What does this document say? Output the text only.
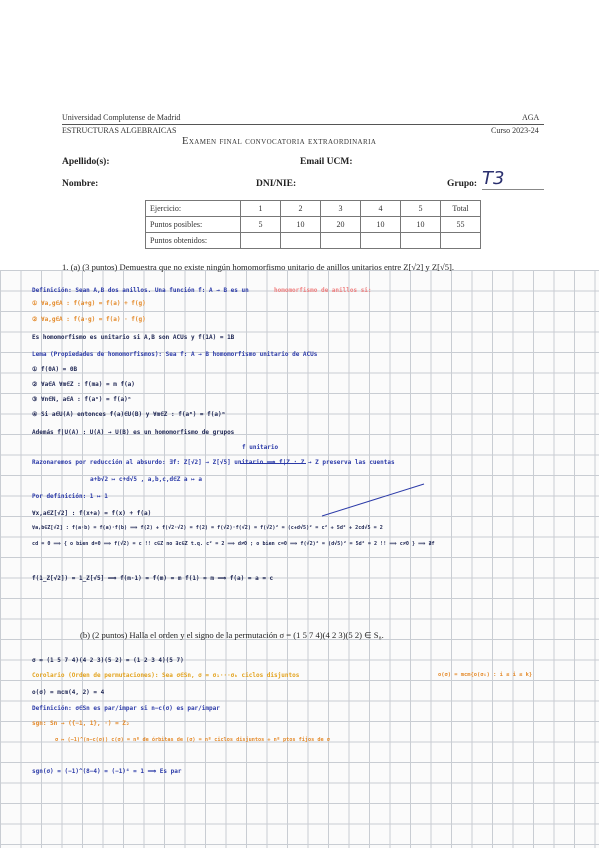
Universidad Complutense de Madrid	AGA
ESTRUCTURAS ALGEBRAICAS	Curso 2023-24
Examen final convocatoria extraordinaria
Apellido(s):	Email UCM:
Nombre:	DNI/NIE:	Grupo: T3
Ejercicio:	1	2	3	4	5	Total
Puntos posibles:	5	10	20	10	10	55
Puntos obtenidos:						
1. (a) (3 puntos) Demuestra que no existe ningún homomorfismo unitario de anillos unitarios entre Z[√2] y Z[√5].
Definición: Sean A,B dos anillos. Una función f: A → B es un	homomorfismo de anillos si:
① ∀a,g∈A : f(a+g) = f(a) + f(g)
② ∀a,g∈A : f(a·g) = f(a) · f(g)
Es homomorfismo es unitario si A,B son ACUs y f(1A) = 1B
Lema (Propiedades de homomorfismos): Sea f: A → B homomorfismo unitario de ACUs
① f(0A) = 0B
② ∀a∈A ∀m∈Z : f(ma) = m f(a)
③ ∀n∈N, a∈A : f(aⁿ) = f(a)ⁿ
④ Si a∈U(A) entonces f(a)∈U(B) y ∀m∈Z : f(aᵐ) = f(a)ᵐ
Además f|U(A) : U(A) → U(B) es un homomorfismo de grupos
f unitario
Razonaremos por reducción al absurdo: ∃f: Z[√2] → Z[√5] unitario ⟹ f|Z : Z → Z preserva las cuentas
a+b√2 ↦ c+d√5 , a,b,c,d∈Z a ↦ a
Por definición: 1 ↦ 1
∀x,a∈Z[√2] : f(x+a) = f(x) + f(a)
∀a,b∈Z[√2] : f(a·b) = f(a)·f(b) ⟹ f(2) + f(√2·√2) = f(2) = f(√2)·f(√2) = f(√2)² = (c+d√5)² = c² + 5d² + 2cd√5 = 2
cd = 0 ⟹ { o bien d=0 ⟹ f(√2) = c !! c∈Z no ∃c∈Z t.q. c² = 2 ⟹ d≠0 ; o bien c=0 ⟹ f(√2)² = (d√5)² = 5d² = 2 !! ⟹ c≠0 } ⟹ ∄f
f(1_Z[√2]) = 1_Z[√5] ⟹ f(m·1) = f(m) = m f(1) = m ⟹ f(a) = a = c
(b) (2 puntos) Halla el orden y el signo de la permutación σ = (1 5 7 4)(4 2 3)(5 2) ∈ S₈.
σ = (1 5 7 4)(4 2 3)(5 2) = (1 2 3 4)(5 7)
Corolario (Orden de permutaciones): Sea σ∈Sn, σ = σ₁···σₖ ciclos disjuntos	o(σ) = mcm{o(σᵢ) : i ≤ i ≤ k}
o(σ) = mcm(4, 2) = 4
Definición: σ∈Sn es par/impar si n−c(σ) es par/impar
sgn: Sn → ({−1, 1}, ·) = Z₂
σ ↦ (−1)^(n−c(σ)) c(σ) = nº de órbitas de ⟨σ⟩ = nº ciclos disjuntos + nº ptos fijos de σ
sgn(σ) = (−1)^(8−4) = (−1)⁴ = 1 ⟹ Es par
